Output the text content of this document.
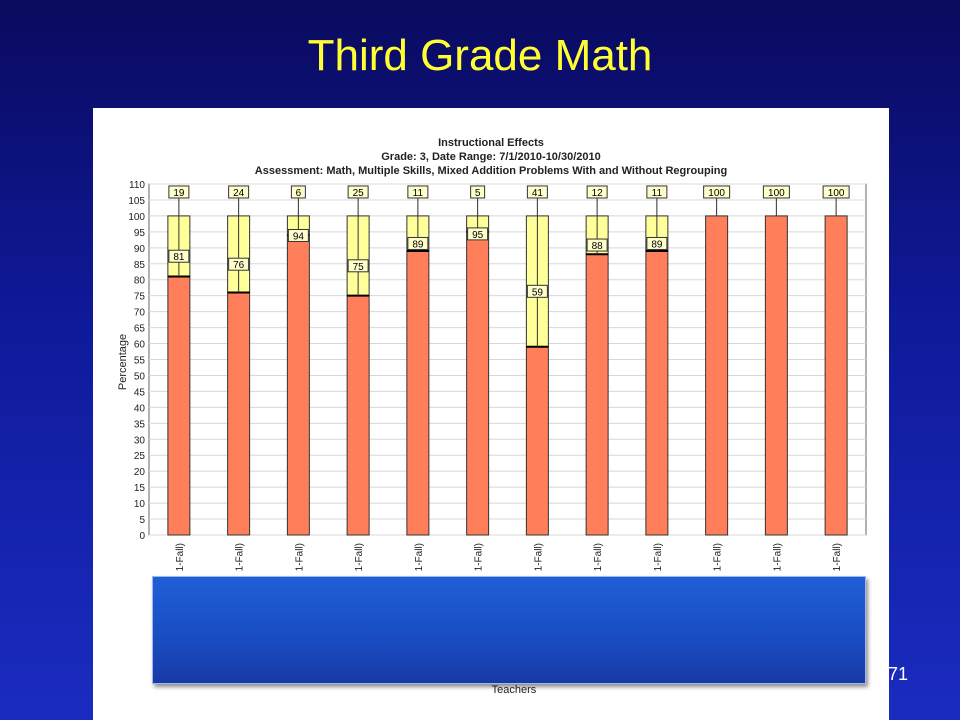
Third Grade Math
0
5
10
15
20
25
30
35
40
45
50
55
60
65
70
75
80
85
90
95
100
105
110
19
81
24
76
6
94
25
75
11
89
5
95
41
59
12
88
11
89
100	100	100
1-Fall)	1-Fall)	1-Fall)	1-Fall)	1-Fall)	1-Fall)	1-Fall)	1-Fall)	1-Fall)	1-Fall)	1-Fall)	1-Fall)
Instructional Effects
Grade: 3, Date Range: 7/1/2010-10/30/2010
Assessment: Math, Multiple Skills, Mixed Addition Problems With and Without Regrouping
Percentage
Teachers
71
